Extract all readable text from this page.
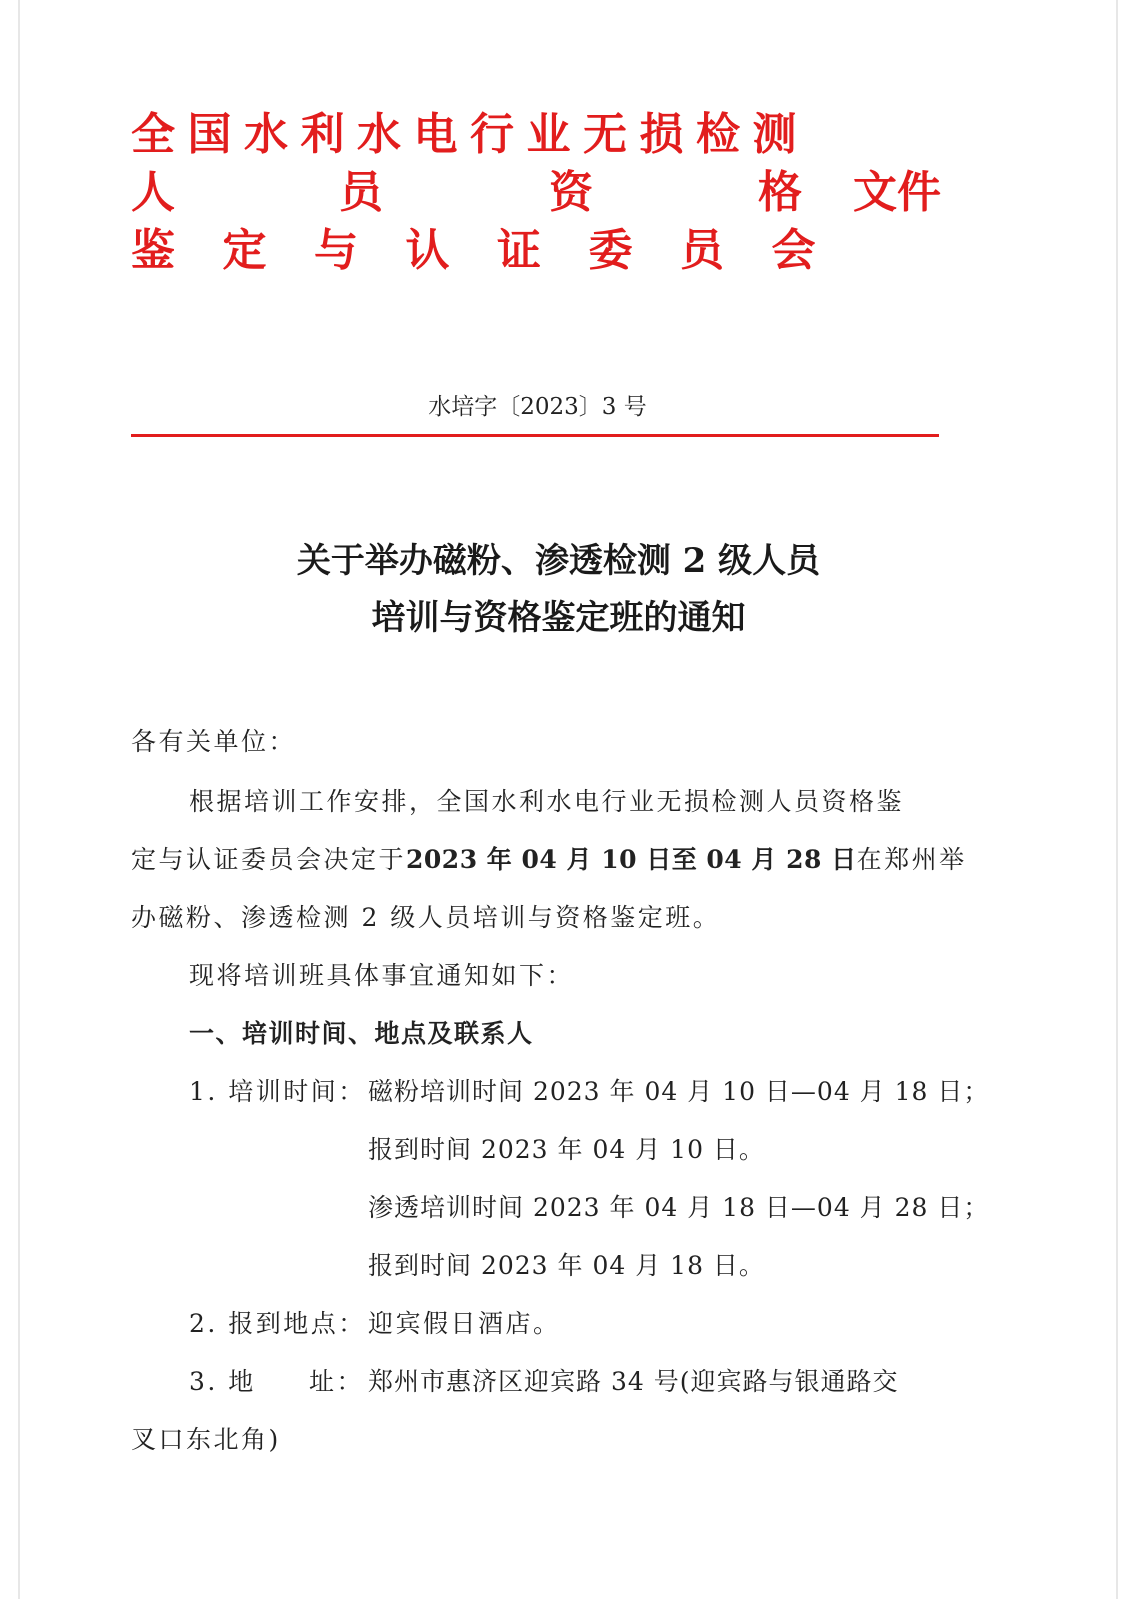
全 国 水 利 水 电 行 业 无 损 检 测
人	员	资	格 文件
鉴 定 与 认 证 委 员 会
水培字〔2023〕3 号
关于举办磁粉、渗透检测 2 级人员
培训与资格鉴定班的通知
各有关单位：
根据培训工作安排，全国水利水电行业无损检测人员资格鉴
定与认证委员会决定于2023 年 04 月 10 日至 04 月 28 日在郑州举
办磁粉、渗透检测 2 级人员培训与资格鉴定班。
现将培训班具体事宜通知如下：
一、培训时间、地点及联系人
1. 培训时间： 磁粉培训时间 2023 年 04 月 10 日—04 月 18 日；
报到时间 2023 年 04 月 10 日。
渗透培训时间 2023 年 04 月 18 日—04 月 28 日；
报到时间 2023 年 04 月 18 日。
2. 报到地点： 迎宾假日酒店。
3. 地 址： 郑州市惠济区迎宾路 34 号(迎宾路与银通路交
叉口东北角)
